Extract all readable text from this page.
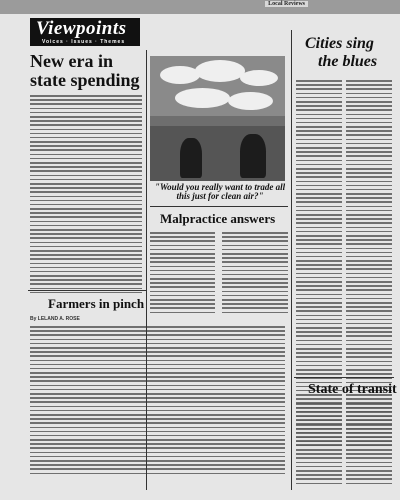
Local Reviews
Viewpoints
Voices · Issues · Themes
New era in
state spending
Farmers in pinch
By LELAND A. ROSE
"Would you really want to trade all this just for clean air?"
Malpractice answers
Cities sing
the blues
State of transit
